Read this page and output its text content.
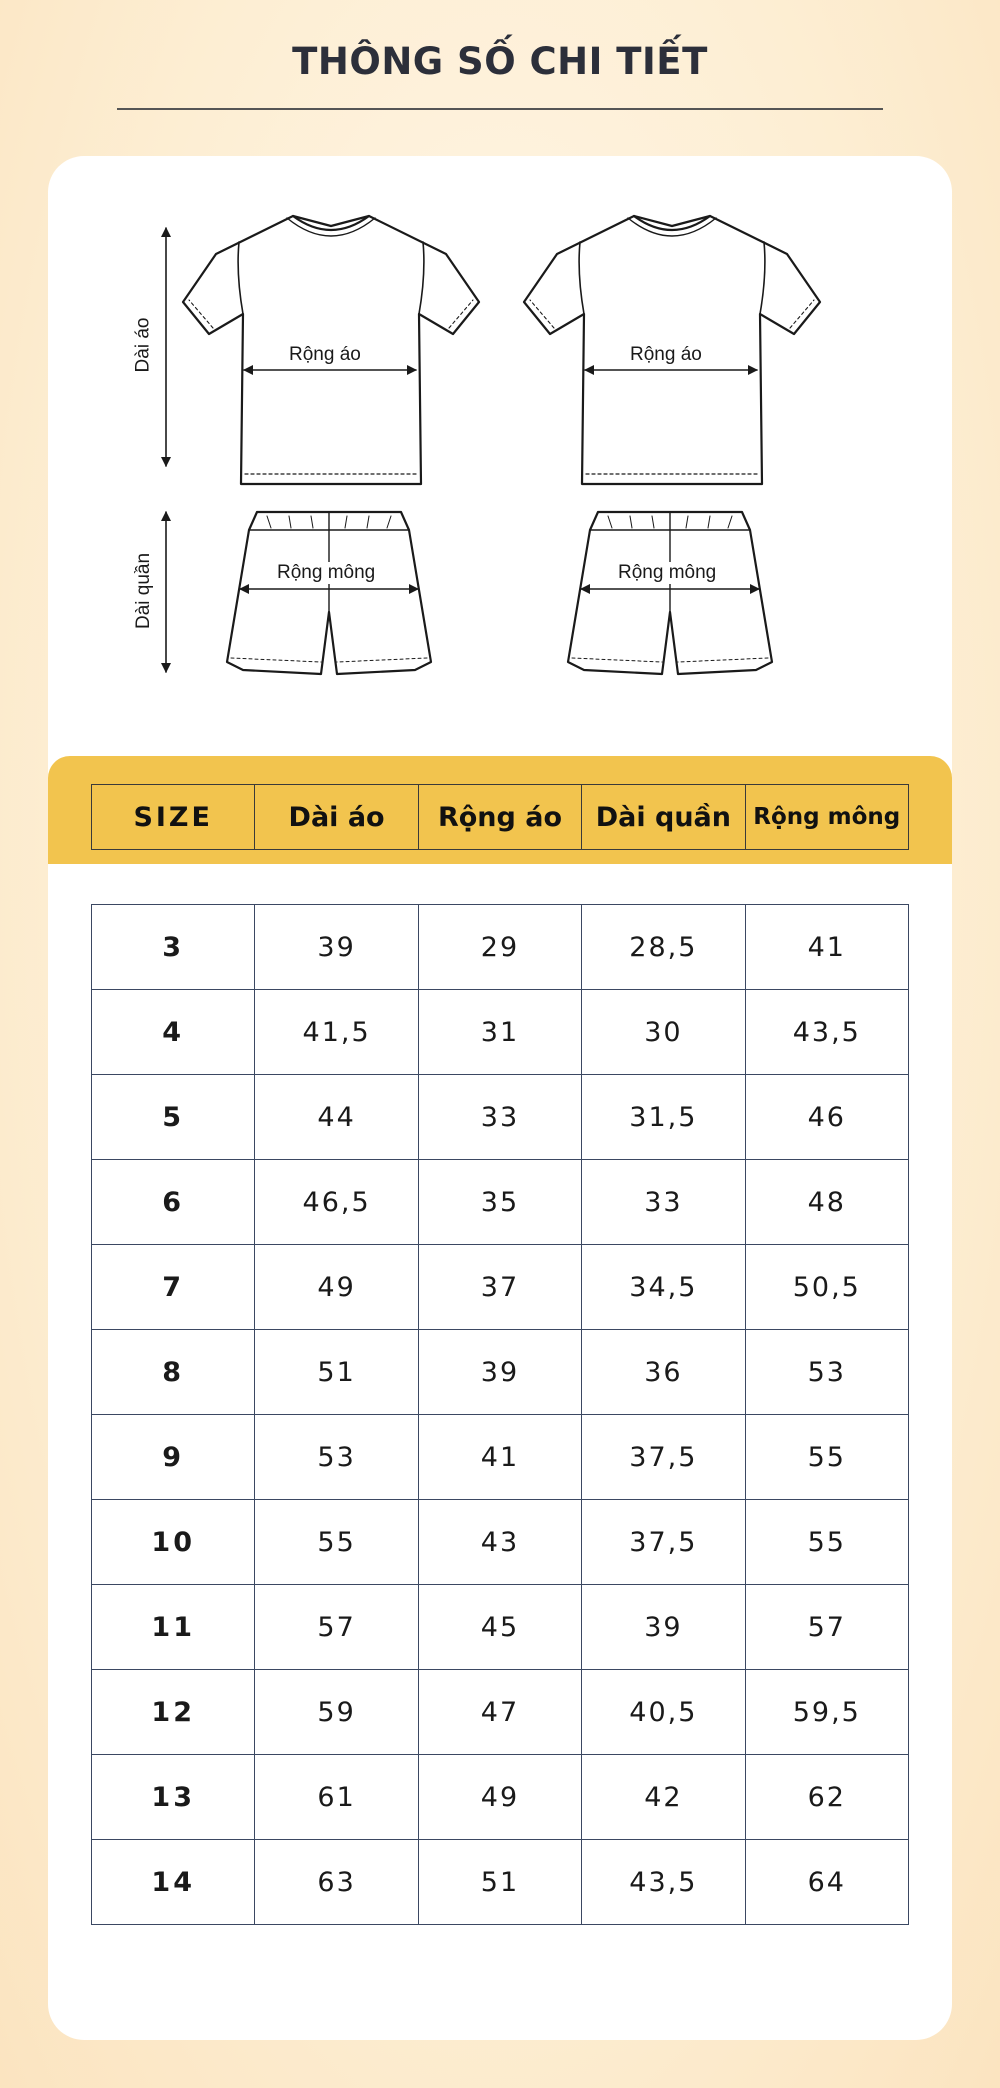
THÔNG SỐ CHI TIẾT
Dài áo
Dài quần
Rộng áo	Rộng áo
Rộng mông	Rộng mông
SIZE	Dài áo	Rộng áo	Dài quần	Rộng mông
3	39	29	28,5	41
4	41,5	31	30	43,5
5	44	33	31,5	46
6	46,5	35	33	48
7	49	37	34,5	50,5
8	51	39	36	53
9	53	41	37,5	55
10	55	43	37,5	55
11	57	45	39	57
12	59	47	40,5	59,5
13	61	49	42	62
14	63	51	43,5	64
